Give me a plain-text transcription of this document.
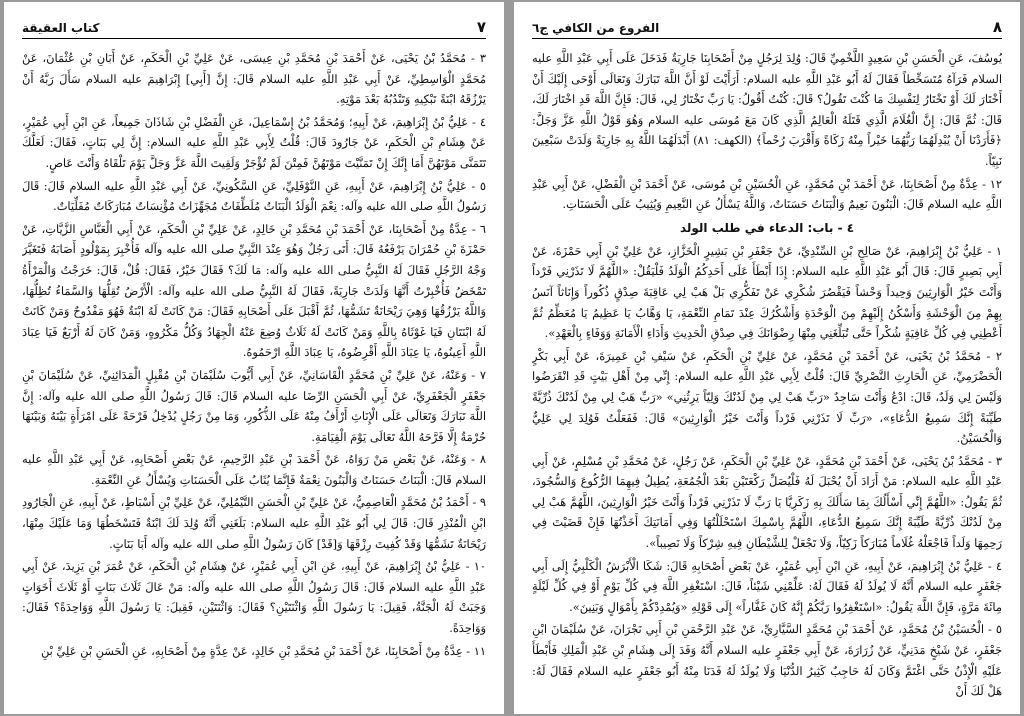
٧
كتاب العقيقة

٣ - مُحَمَّدُ بْنُ يَحْيَى، عَنْ أَحْمَدَ بْنِ مُحَمَّدِ بْنِ عِيسَى، عَنْ عَلِيِّ بْنِ الْحَكَمِ، عَنْ أَبَانِ بْنِ عُثْمَانَ، عَنْ مُحَمَّدٍ الْوَاسِطِيِّ، عَنْ أَبِي عَبْدِ اللَّهِ عليه السلام قَالَ: إِنَّ [أَبِي] إِبْرَاهِيمَ عليه السلام سَأَلَ رَبَّهُ أَنْ يَرْزُقَهُ ابْنَةً تَبْكِيهِ وَتَنْدُبُهُ بَعْدَ مَوْتِهِ.

٤ - عَلِيُّ بْنُ إِبْرَاهِيمَ، عَنْ أَبِيهِ؛ وَمُحَمَّدُ بْنُ إِسْمَاعِيلَ، عَنِ الْفَضْلِ بْنِ شَاذَانَ جَمِيعاً، عَنِ ابْنِ أَبِي عُمَيْرٍ، عَنْ هِشَامِ بْنِ الْحَكَمِ، عَنْ جَارُودَ قَالَ: قُلْتُ لِأَبِي عَبْدِ اللَّهِ عليه السلام: إِنَّ لِي بَنَاتٍ، فَقَالَ: لَعَلَّكَ تَتَمَنَّى مَوْتَهُنَّ أَمَا إِنَّكَ إِنْ تَمَنَّيْتَ مَوْتَهُنَّ فَمِتْنَ لَمْ تُؤْجَرْ وَلَقِيتَ اللَّهَ عَزَّ وَجَلَّ يَوْمَ تَلْقَاهُ وَأَنْتَ عَاصٍ.

٥ - عَلِيُّ بْنُ إِبْرَاهِيمَ، عَنْ أَبِيهِ، عَنِ النَّوْفَلِيِّ، عَنِ السَّكُونِيِّ، عَنْ أَبِي عَبْدِ اللَّهِ عليه السلام قَالَ: قَالَ رَسُولُ اللَّهِ صلى الله عليه وآله: نِعْمَ الْوَلَدُ الْبَنَاتُ مُلَطِّفَاتٌ مُجَهِّزَاتٌ مُؤْنِسَاتٌ مُبَارَكَاتٌ مُفَلِّيَاتٌ.

٦ - عِدَّةٌ مِنْ أَصْحَابِنَا، عَنْ أَحْمَدَ بْنِ مُحَمَّدِ بْنِ خَالِدٍ، عَنْ عَلِيِّ بْنِ الْحَكَمِ، عَنْ أَبِي الْعَبَّاسِ الزَّيَّاتِ، عَنْ حَمْزَةَ بْنِ حُمْرَانَ يَرْفَعُهُ قَالَ: أَتَى رَجُلٌ وَهُوَ عِنْدَ النَّبِيِّ صلى الله عليه وآله فَأُخْبِرَ بِمَوْلُودٍ أَصَابَهُ فَتَغَيَّرَ وَجْهُ الرَّجُلِ فَقَالَ لَهُ النَّبِيُّ صلى الله عليه وآله: مَا لَكَ؟ فَقَالَ خَيْرٌ، فَقَالَ: قُلْ، قَالَ: خَرَجْتُ وَالْمَرْأَةُ تَمْخَضُ فَأُخْبِرْتُ أَنَّهَا وَلَدَتْ جَارِيَةً، فَقَالَ لَهُ النَّبِيُّ صلى الله عليه وآله: الْأَرْضُ تُقِلُّهَا وَالسَّمَاءُ تُظِلُّهَا، وَاللَّهُ يَرْزُقُهَا وَهِيَ رَيْحَانَةٌ تَشَمُّهَا، ثُمَّ أَقْبَلَ عَلَى أَصْحَابِهِ فَقَالَ: مَنْ كَانَتْ لَهُ ابْنَةٌ فَهُوَ مَفْدُوحٌ وَمَنْ كَانَتْ لَهُ ابْنَتَانِ فَيَا غَوْثَاهُ بِاللَّهِ وَمَنْ كَانَتْ لَهُ ثَلَاثٌ وُضِعَ عَنْهُ الْجِهَادُ وَكُلُّ مَكْرُوهٍ، وَمَنْ كَانَ لَهُ أَرْبَعٌ فَيَا عِبَادَ اللَّهِ أَعِينُوهُ، يَا عِبَادَ اللَّهِ أَقْرِضُوهُ، يَا عِبَادَ اللَّهِ ارْحَمُوهُ.

٧ - وَعَنْهُ، عَنْ عَلِيِّ بْنِ مُحَمَّدٍ الْقَاسَانِيِّ، عَنْ أَبِي أَيُّوبَ سُلَيْمَانَ بْنِ مُقْبِلٍ الْمَدَائِنِيِّ، عَنْ سُلَيْمَانَ بْنِ جَعْفَرٍ الْجَعْفَرِيِّ، عَنْ أَبِي الْحَسَنِ الرِّضَا عليه السلام قَالَ: قَالَ رَسُولُ اللَّهِ صلى الله عليه وآله: إِنَّ اللَّهَ تَبَارَكَ وَتَعَالَى عَلَى الْإِنَاثِ أَرْأَفُ مِنْهُ عَلَى الذُّكُورِ، وَمَا مِنْ رَجُلٍ يُدْخِلُ فَرْحَةً عَلَى امْرَأَةٍ بَيْنَهُ وَبَيْنَهَا حُرْمَةٌ إِلَّا فَرَّحَهُ اللَّهُ تَعَالَى يَوْمَ الْقِيَامَةِ.

٨ - وَعَنْهُ، عَنْ بَعْضِ مَنْ رَوَاهُ، عَنْ أَحْمَدَ بْنِ عَبْدِ الرَّحِيمِ، عَنْ بَعْضِ أَصْحَابِهِ، عَنْ أَبِي عَبْدِ اللَّهِ عليه السلام قَالَ: الْبَنَاتُ حَسَنَاتٌ وَالْبَنُونَ نِعْمَةٌ فَإِنَّمَا يُثَابُ عَلَى الْحَسَنَاتِ وَيُسْأَلُ عَنِ النِّعْمَةِ.

٩ - أَحْمَدُ بْنُ مُحَمَّدٍ الْعَاصِمِيُّ، عَنْ عَلِيِّ بْنِ الْحَسَنِ التَّيْمُلِيِّ، عَنْ عَلِيِّ بْنِ أَسْبَاطٍ، عَنْ أَبِيهِ، عَنِ الْجَارُودِ ابْنِ الْمُنْذِرِ قَالَ: قَالَ لِي أَبُو عَبْدِ اللَّهِ عليه السلام: بَلَغَنِي أَنَّهُ وُلِدَ لَكَ ابْنَةٌ فَتَسْخَطُهَا وَمَا عَلَيْكَ مِنْهَا، رَيْحَانَةٌ تَشَمُّهَا وَقَدْ كُفِيتَ رِزْقَهَا وَ[قَدْ] كَانَ رَسُولُ اللَّهِ صلى الله عليه وآله أَبَا بَنَاتٍ.

١٠ - عَلِيُّ بْنُ إِبْرَاهِيمَ، عَنْ أَبِيهِ، عَنِ ابْنِ أَبِي عُمَيْرٍ، عَنْ هِشَامِ بْنِ الْحَكَمِ، عَنْ عُمَرَ بْنِ يَزِيدَ، عَنْ أَبِي عَبْدِ اللَّهِ عليه السلام قَالَ: قَالَ رَسُولُ اللَّهِ صلى الله عليه وآله: مَنْ عَالَ ثَلَاثَ بَنَاتٍ أَوْ ثَلَاثَ أَخَوَاتٍ وَجَبَتْ لَهُ الْجَنَّةُ، فَقِيلَ: يَا رَسُولَ اللَّهِ وَاثْنَتَيْنِ؟ فَقَالَ: وَاثْنَتَيْنِ، فَقِيلَ: يَا رَسُولَ اللَّهِ وَوَاحِدَةً؟ فَقَالَ: وَوَاحِدَةً.

١١ - عِدَّةٌ مِنْ أَصْحَابِنَا، عَنْ أَحْمَدَ بْنِ مُحَمَّدِ بْنِ خَالِدٍ، عَنْ عِدَّةٍ مِنْ أَصْحَابِهِ، عَنِ الْحَسَنِ بْنِ عَلِيِّ بْنِ

٨
الفروع من الكافي ج٦

يُوسُفَ، عَنِ الْحَسَنِ بْنِ سَعِيدٍ اللَّخْمِيِّ قَالَ: وُلِدَ لِرَجُلٍ مِنْ أَصْحَابِنَا جَارِيَةٌ فَدَخَلَ عَلَى أَبِي عَبْدِ اللَّهِ عليه السلام فَرَآهُ مُتَسَخِّطاً فَقَالَ لَهُ أَبُو عَبْدِ اللَّهِ عليه السلام: أَرَأَيْتَ لَوْ أَنَّ اللَّهَ تَبَارَكَ وَتَعَالَى أَوْحَى إِلَيْكَ أَنْ أَخْتَارَ لَكَ أَوْ تَخْتَارُ لِنَفْسِكَ مَا كُنْتَ تَقُولُ؟ قَالَ: كُنْتُ أَقُولُ: يَا رَبِّ تَخْتَارُ لِي، قَالَ: فَإِنَّ اللَّهَ قَدِ اخْتَارَ لَكَ، قَالَ: ثُمَّ قَالَ: إِنَّ الْغُلَامَ الَّذِي قَتَلَهُ الْعَالِمُ الَّذِي كَانَ مَعَ مُوسَى عليه السلام وَهُوَ قَوْلُ اللَّهِ عَزَّ وَجَلَّ: ﴿فَأَرَدْنَا أَنْ يُبْدِلَهُمَا رَبُّهُمَا خَيْراً مِنْهُ زَكَاةً وَأَقْرَبَ رُحْماً﴾ (الكهف: ٨١) أَبْدَلَهُمَا اللَّهُ بِهِ جَارِيَةً وَلَدَتْ سَبْعِينَ نَبِيّاً.

١٢ - عِدَّةٌ مِنْ أَصْحَابِنَا، عَنْ أَحْمَدَ بْنِ مُحَمَّدٍ، عَنِ الْحُسَيْنِ بْنِ مُوسَى، عَنْ أَحْمَدَ بْنِ الْفَضْلِ، عَنْ أَبِي عَبْدِ اللَّهِ عليه السلام قَالَ: الْبَنُونَ نَعِيمٌ وَالْبَنَاتُ حَسَنَاتٌ، وَاللَّهُ يَسْأَلُ عَنِ النَّعِيمِ وَيُثِيبُ عَلَى الْحَسَنَاتِ.

٤ - باب: الدعاء في طلب الولد

١ - عَلِيُّ بْنُ إِبْرَاهِيمَ، عَنْ صَالِحِ بْنِ السِّنْدِيِّ، عَنْ جَعْفَرِ بْنِ بَشِيرٍ الْخَزَّازِ، عَنْ عَلِيِّ بْنِ أَبِي حَمْزَةَ، عَنْ أَبِي بَصِيرٍ قَالَ: قَالَ أَبُو عَبْدِ اللَّهِ عليه السلام: إِذَا أَبْطَأَ عَلَى أَحَدِكُمُ الْوَلَدُ فَلْيَقُلْ: «اللَّهُمَّ لَا تَذَرْنِي فَرْداً وَأَنْتَ خَيْرُ الْوَارِثِينَ وَحِيداً وَحْشاً فَيَقْصُرَ شُكْرِي عَنْ تَفَكُّرِي بَلْ هَبْ لِي عَاقِبَةَ صِدْقٍ ذُكُوراً وَإِنَاثاً آنَسُ بِهِمْ مِنَ الْوَحْشَةِ وَأَسْكُنُ إِلَيْهِمْ مِنَ الْوَحْدَةِ وَأَشْكُرُكَ عِنْدَ تَمَامِ النِّعْمَةِ، يَا وَهَّابُ يَا عَظِيمُ يَا مُعَظِّمُ ثُمَّ أَعْطِنِي فِي كُلِّ عَافِيَةٍ شُكْراً حَتَّى تُبَلِّغَنِي مِنْهَا رِضْوَانَكَ فِي صِدْقِ الْحَدِيثِ وَأَدَاءِ الْأَمَانَةِ وَوَفَاءٍ بِالْعَهْدِ».

٢ - مُحَمَّدُ بْنُ يَحْيَى، عَنْ أَحْمَدَ بْنِ مُحَمَّدٍ، عَنْ عَلِيِّ بْنِ الْحَكَمِ، عَنْ سَيْفِ بْنِ عَمِيرَةَ، عَنْ أَبِي بَكْرٍ الْحَضْرَمِيِّ، عَنِ الْحَارِثِ النَّصْرِيِّ قَالَ: قُلْتُ لِأَبِي عَبْدِ اللَّهِ عليه السلام: إِنِّي مِنْ أَهْلِ بَيْتٍ قَدِ انْقَرَضُوا وَلَيْسَ لِي وَلَدٌ، قَالَ: ادْعُ وَأَنْتَ سَاجِدٌ «رَبِّ هَبْ لِي مِنْ لَدُنْكَ وَلِيّاً يَرِثُنِي» «رَبِّ هَبْ لِي مِنْ لَدُنْكَ ذُرِّيَّةً طَيِّبَةً إِنَّكَ سَمِيعُ الدُّعَاءِ»، «رَبِّ لَا تَذَرْنِي فَرْداً وَأَنْتَ خَيْرُ الْوَارِثِينَ» قَالَ: فَفَعَلْتُ فَوُلِدَ لِي عَلِيٌّ وَالْحُسَيْنُ.

٣ - مُحَمَّدُ بْنُ يَحْيَى، عَنْ أَحْمَدَ بْنِ مُحَمَّدٍ، عَنْ عَلِيِّ بْنِ الْحَكَمِ، عَنْ رَجُلٍ، عَنْ مُحَمَّدِ بْنِ مُسْلِمٍ، عَنْ أَبِي عَبْدِ اللَّهِ عليه السلام: مَنْ أَرَادَ أَنْ يُحْبَلَ لَهُ فَلْيُصَلِّ رَكْعَتَيْنِ بَعْدَ الْجُمُعَةِ، يُطِيلُ فِيهِمَا الرُّكُوعَ وَالسُّجُودَ، ثُمَّ يَقُولُ: «اللَّهُمَّ إِنِّي أَسْأَلُكَ بِمَا سَأَلَكَ بِهِ زَكَرِيَّا يَا رَبِّ لَا تَذَرْنِي فَرْداً وَأَنْتَ خَيْرُ الْوَارِثِينَ، اللَّهُمَّ هَبْ لِي مِنْ لَدُنْكَ ذُرِّيَّةً طَيِّبَةً إِنَّكَ سَمِيعُ الدُّعَاءِ، اللَّهُمَّ بِاسْمِكَ اسْتَحْلَلْتُهَا وَفِي أَمَانَتِكَ أَخَذْتُهَا فَإِنْ قَضَيْتَ فِي رَحِمِهَا وَلَداً فَاجْعَلْهُ غُلَاماً مُبَارَكاً زَكِيّاً، وَلَا تَجْعَلْ لِلشَّيْطَانِ فِيهِ شِرْكاً وَلَا نَصِيباً».

٤ - عَلِيُّ بْنُ إِبْرَاهِيمَ، عَنْ أَبِيهِ، عَنِ ابْنِ أَبِي عُمَيْرٍ، عَنْ بَعْضِ أَصْحَابِهِ قَالَ: شَكَا الْأَبْرَشُ الْكَلْبِيُّ إِلَى أَبِي جَعْفَرٍ عليه السلام أَنَّهُ لَا يُولَدُ لَهُ فَقَالَ لَهُ: عَلِّمْنِي شَيْئاً، قَالَ: اسْتَغْفِرِ اللَّهَ فِي كُلِّ يَوْمٍ أَوْ فِي كُلِّ لَيْلَةٍ مِائَةَ مَرَّةٍ، فَإِنَّ اللَّهَ يَقُولُ: «اسْتَغْفِرُوا رَبَّكُمْ إِنَّهُ كَانَ غَفَّاراً» إِلَى قَوْلِهِ «وَيُمْدِدْكُمْ بِأَمْوَالٍ وَبَنِينَ».

٥ - الْحُسَيْنُ بْنُ مُحَمَّدٍ، عَنْ أَحْمَدَ بْنِ مُحَمَّدٍ السَّيَّارِيِّ، عَنْ عَبْدِ الرَّحْمَنِ بْنِ أَبِي نَجْرَانَ، عَنْ سُلَيْمَانَ ابْنِ جَعْفَرٍ، عَنْ شَيْخٍ مَدَنِيٍّ، عَنْ زُرَارَةَ، عَنْ أَبِي جَعْفَرٍ عليه السلام أَنَّهُ وَفَدَ إِلَى هِشَامِ بْنِ عَبْدِ الْمَلِكِ فَأَبْطَأَ عَلَيْهِ الْإِذْنُ حَتَّى اغْتَمَّ وَكَانَ لَهُ حَاجِبٌ كَثِيرُ الدُّنْيَا وَلَا يُولَدُ لَهُ فَدَنَا مِنْهُ أَبُو جَعْفَرٍ عليه السلام فَقَالَ لَهُ: هَلْ لَكَ أَنْ
